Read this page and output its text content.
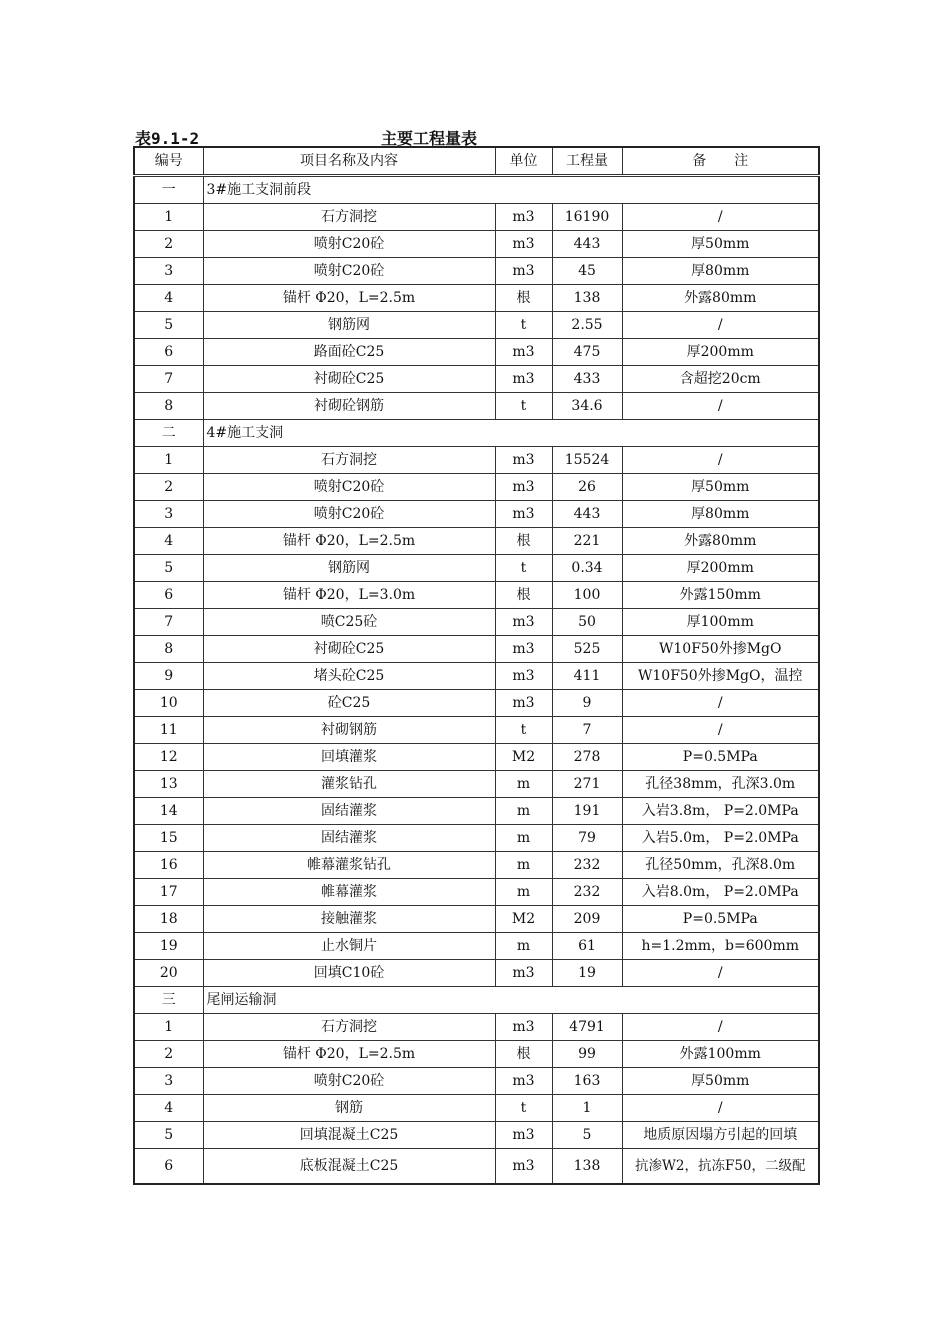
表9.1-2	主要工程量表
编号	项目名称及内容	单位	工程量	备　　注
一	3#施工支洞前段			
1	石方洞挖	m3	16190	/
2	喷射C20砼	m3	443	厚50mm
3	喷射C20砼	m3	45	厚80mm
4	锚杆 Φ20，L=2.5m	根	138	外露80mm
5	钢筋网	t	2.55	/
6	路面砼C25	m3	475	厚200mm
7	衬砌砼C25	m3	433	含超挖20cm
8	衬砌砼钢筋	t	34.6	/
二	4#施工支洞			
1	石方洞挖	m3	15524	/
2	喷射C20砼	m3	26	厚50mm
3	喷射C20砼	m3	443	厚80mm
4	锚杆 Φ20，L=2.5m	根	221	外露80mm
5	钢筋网	t	0.34	厚200mm
6	锚杆 Φ20，L=3.0m	根	100	外露150mm
7	喷C25砼	m3	50	厚100mm
8	衬砌砼C25	m3	525	W10F50外掺MgO
9	堵头砼C25	m3	411	W10F50外掺MgO，温控
10	砼C25	m3	9	/
11	衬砌钢筋	t	7	/
12	回填灌浆	M2	278	P=0.5MPa
13	灌浆钻孔	m	271	孔径38mm，孔深3.0m
14	固结灌浆	m	191	入岩3.8m， P=2.0MPa
15	固结灌浆	m	79	入岩5.0m， P=2.0MPa
16	帷幕灌浆钻孔	m	232	孔径50mm，孔深8.0m
17	帷幕灌浆	m	232	入岩8.0m， P=2.0MPa
18	接触灌浆	M2	209	P=0.5MPa
19	止水铜片	m	61	h=1.2mm，b=600mm
20	回填C10砼	m3	19	/
三	尾闸运输洞			
1	石方洞挖	m3	4791	/
2	锚杆 Φ20，L=2.5m	根	99	外露100mm
3	喷射C20砼	m3	163	厚50mm
4	钢筋	t	1	/
5	回填混凝土C25	m3	5	地质原因塌方引起的回填
6	底板混凝土C25	m3	138	抗渗W2，抗冻F50，二级配
